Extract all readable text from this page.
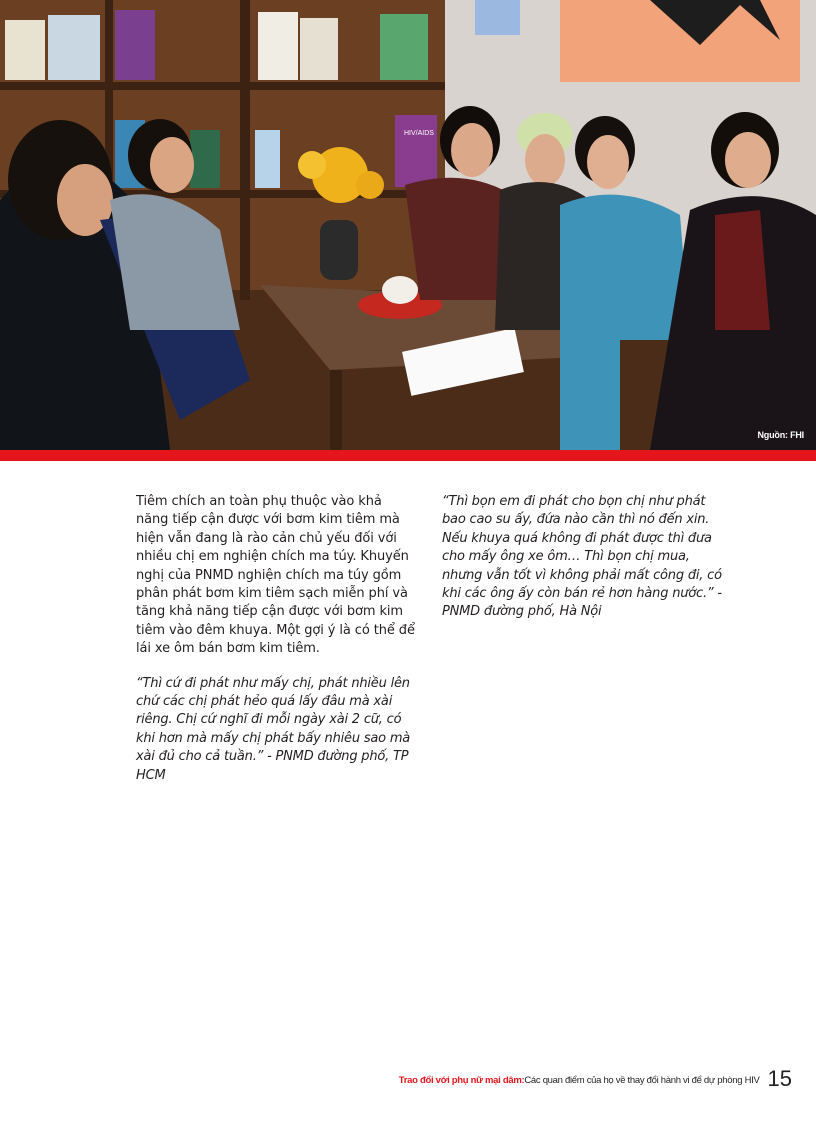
HIV/AIDS
Nguồn: FHI

Tiêm chích an toàn phụ thuộc vào khả năng tiếp cận được với bơm kim tiêm mà hiện vẫn đang là rào cản chủ yếu đối với nhiều chị em nghiện chích ma túy. Khuyến nghị của PNMD nghiện chích ma túy gồm phân phát bơm kim tiêm sạch miễn phí và tăng khả năng tiếp cận được với bơm kim tiêm vào đêm khuya. Một gợi ý là có thể để lái xe ôm bán bơm kim tiêm.

“Thì cứ đi phát như mấy chị, phát nhiều lên chứ các chị phát hẻo quá lấy đâu mà xài riêng. Chị cứ nghĩ đi mỗi ngày xài 2 cữ, có khi hơn mà mấy chị phát bấy nhiêu sao mà xài đủ cho cả tuần.” - PNMD đường phố, TP HCM

“Thì bọn em đi phát cho bọn chị như phát bao cao su ấy, đứa nào cần thì nó đến xin. Nếu khuya quá không đi phát được thì đưa cho mấy ông xe ôm… Thì bọn chị mua, nhưng vẫn tốt vì không phải mất công đi, có khi các ông ấy còn bán rẻ hơn hàng nước.” - PNMD đường phố, Hà Nội

Trao đổi với phụ nữ mại dâm: Các quan điểm của họ về thay đổi hành vi để dự phòng HIV 15
